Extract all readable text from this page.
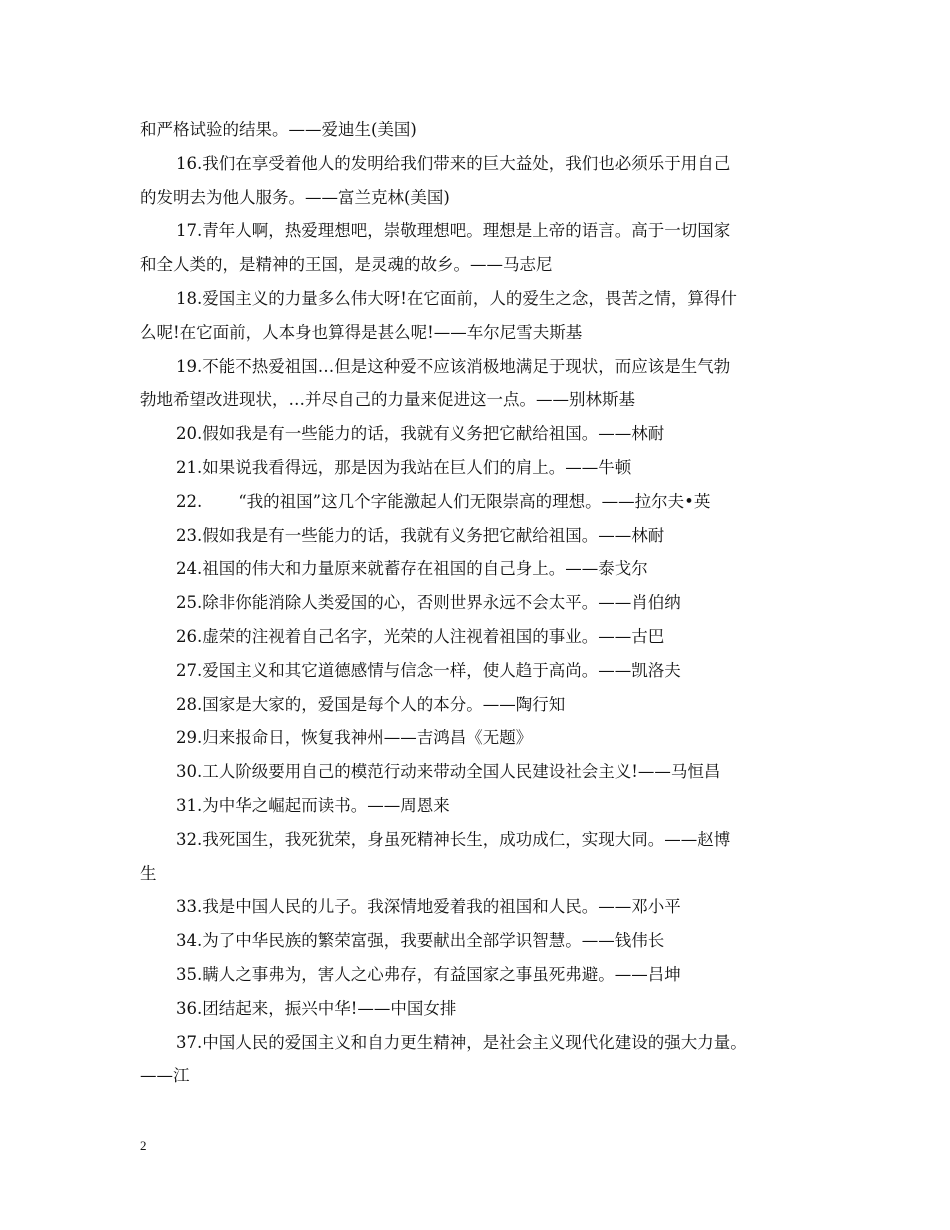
和严格试验的结果。——爱迪生(美国)
16.我们在享受着他人的发明给我们带来的巨大益处，我们也必须乐于用自己
的发明去为他人服务。——富兰克林(美国)
17.青年人啊，热爱理想吧，崇敬理想吧。理想是上帝的语言。高于一切国家
和全人类的，是精神的王国，是灵魂的故乡。——马志尼
18.爱国主义的力量多么伟大呀!在它面前，人的爱生之念，畏苦之情，算得什
么呢!在它面前，人本身也算得是甚么呢!——车尔尼雪夫斯基
19.不能不热爱祖国…但是这种爱不应该消极地满足于现状，而应该是生气勃
勃地希望改进现状，…并尽自己的力量来促进这一点。——别林斯基
20.假如我是有一些能力的话，我就有义务把它献给祖国。——林耐
21.如果说我看得远，那是因为我站在巨人们的肩上。——牛顿
22. “我的祖国”这几个字能激起人们无限崇高的理想。——拉尔夫•英
23.假如我是有一些能力的话，我就有义务把它献给祖国。——林耐
24.祖国的伟大和力量原来就蓄存在祖国的自己身上。——泰戈尔
25.除非你能消除人类爱国的心，否则世界永远不会太平。——肖伯纳
26.虚荣的注视着自己名字，光荣的人注视着祖国的事业。——古巴
27.爱国主义和其它道德感情与信念一样，使人趋于高尚。——凯洛夫
28.国家是大家的，爱国是每个人的本分。——陶行知
29.归来报命日，恢复我神州——吉鸿昌《无题》
30.工人阶级要用自己的模范行动来带动全国人民建设社会主义!——马恒昌
31.为中华之崛起而读书。——周恩来
32.我死国生，我死犹荣，身虽死精神长生，成功成仁，实现大同。——赵博
生
33.我是中国人民的儿子。我深情地爱着我的祖国和人民。——邓小平
34.为了中华民族的繁荣富强，我要献出全部学识智慧。——钱伟长
35.瞒人之事弗为，害人之心弗存，有益国家之事虽死弗避。——吕坤
36.团结起来，振兴中华!——中国女排
37.中国人民的爱国主义和自力更生精神，是社会主义现代化建设的强大力量。
——江
2
